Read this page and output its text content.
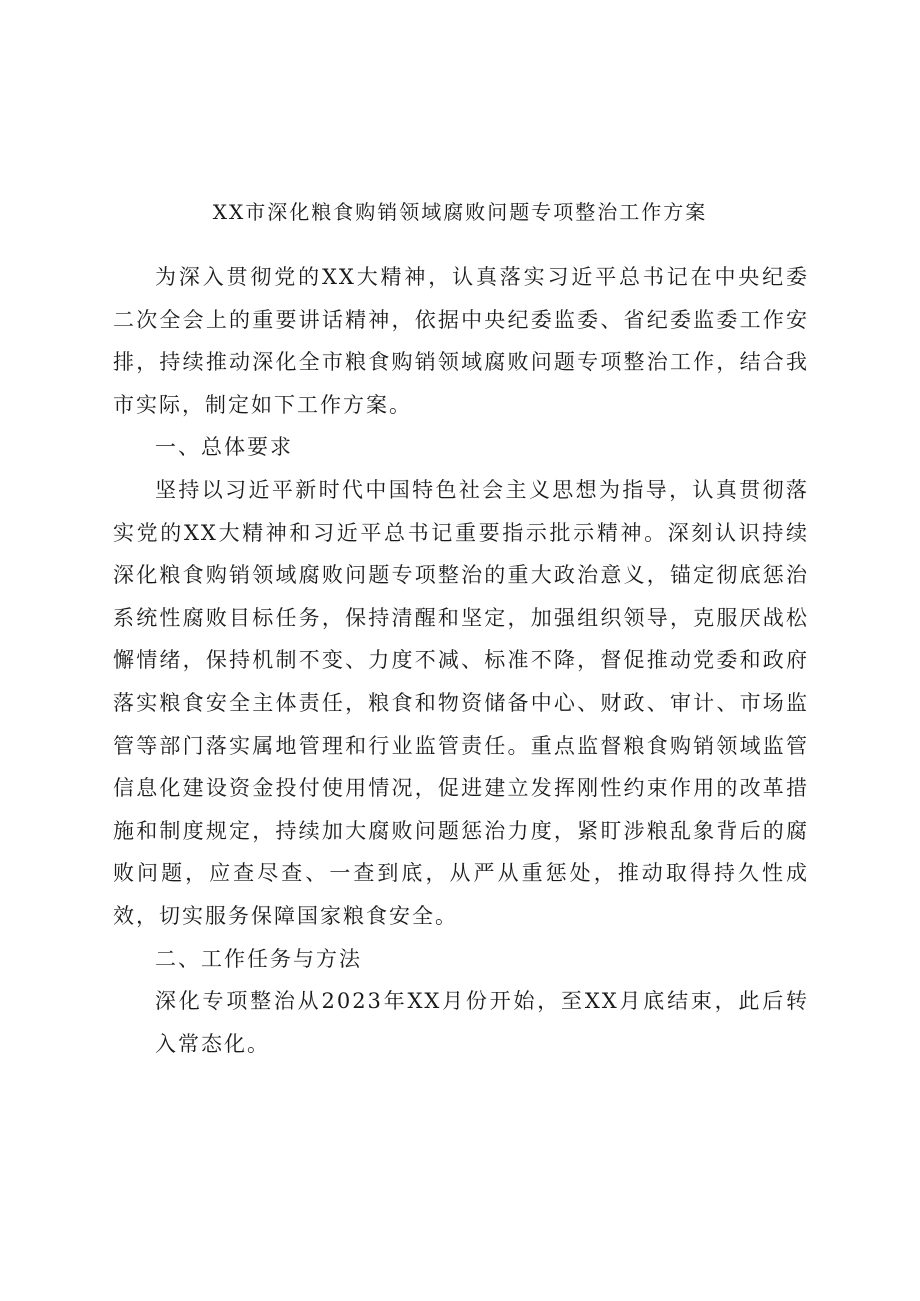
XX市深化粮食购销领域腐败问题专项整治工作方案

为深入贯彻党的XX大精神，认真落实习近平总书记在中央纪委二次全会上的重要讲话精神，依据中央纪委监委、省纪委监委工作安排，持续推动深化全市粮食购销领域腐败问题专项整治工作，结合我市实际，制定如下工作方案。

一、总体要求

坚持以习近平新时代中国特色社会主义思想为指导，认真贯彻落实党的XX大精神和习近平总书记重要指示批示精神。深刻认识持续深化粮食购销领域腐败问题专项整治的重大政治意义，锚定彻底惩治系统性腐败目标任务，保持清醒和坚定，加强组织领导，克服厌战松懈情绪，保持机制不变、力度不减、标准不降，督促推动党委和政府落实粮食安全主体责任，粮食和物资储备中心、财政、审计、市场监管等部门落实属地管理和行业监管责任。重点监督粮食购销领域监管信息化建设资金投付使用情况，促进建立发挥刚性约束作用的改革措施和制度规定，持续加大腐败问题惩治力度，紧盯涉粮乱象背后的腐败问题，应查尽查、一查到底，从严从重惩处，推动取得持久性成效，切实服务保障国家粮食安全。

二、工作任务与方法

深化专项整治从2023年XX月份开始，至XX月底结束，此后转入常态化。
